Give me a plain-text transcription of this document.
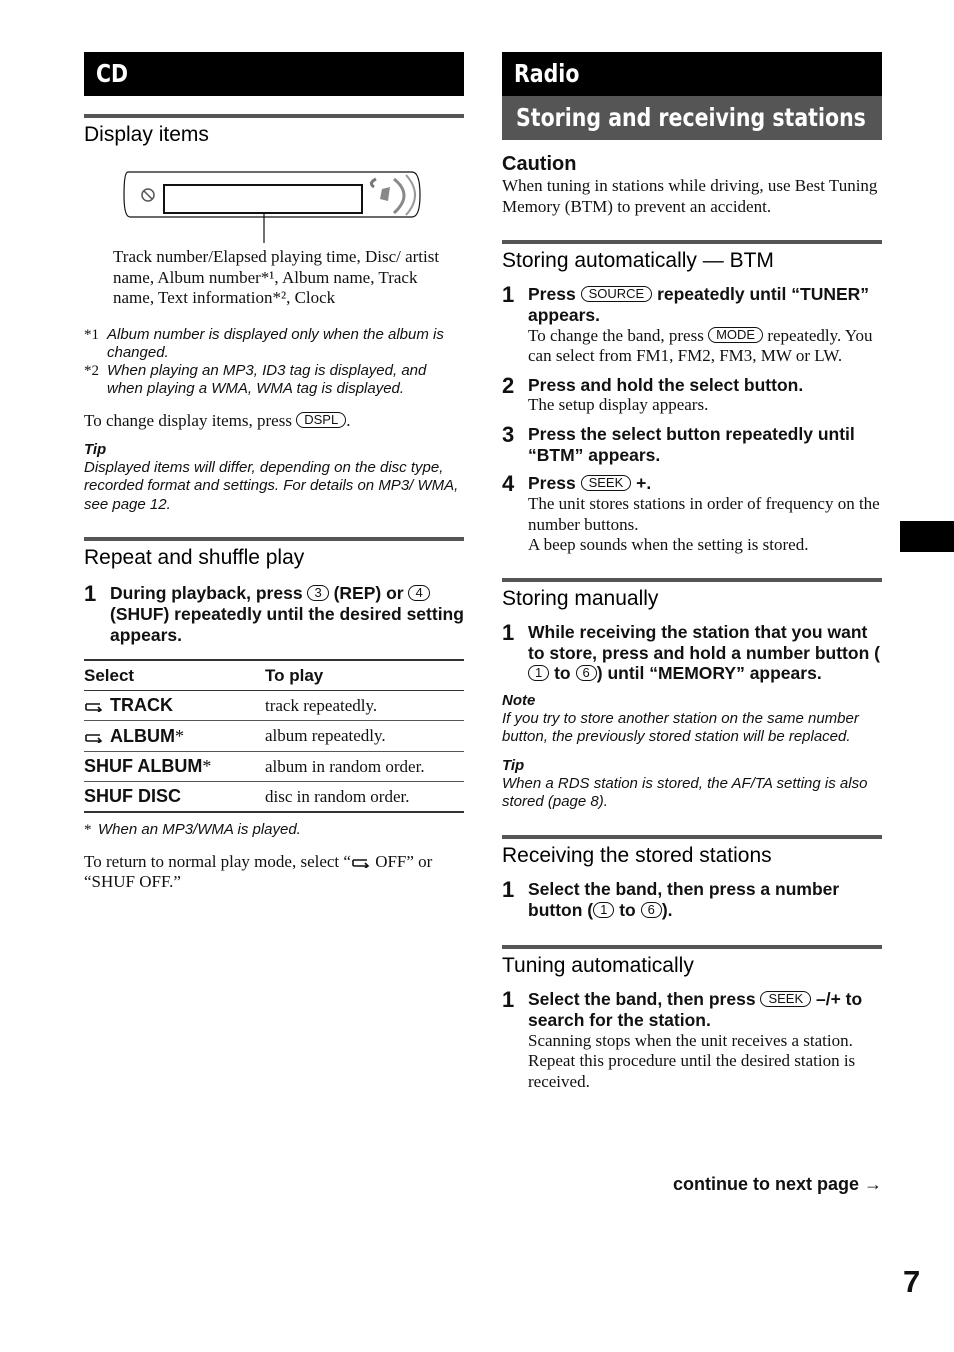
CD
Display items
Track number/Elapsed playing time, Disc/ artist name, Album number*¹, Album name, Track name, Text information*², Clock
*1 Album number is displayed only when the album is changed.
*2 When playing an MP3, ID3 tag is displayed, and when playing a WMA, WMA tag is displayed.
To change display items, press DSPL .
Tip
Displayed items will differ, depending on the disc type, recorded format and settings. For details on MP3/ WMA, see page 12.
Repeat and shuffle play
1 During playback, press 3 (REP) or 4 (SHUF) repeatedly until the desired setting appears.
Select	To play
TRACK	track repeatedly.
ALBUM*	album repeatedly.
SHUF ALBUM*	album in random order.
SHUF DISC	disc in random order.
* When an MP3/WMA is played.
To return to normal play mode, select “ OFF” or “SHUF OFF.”
Radio
Storing and receiving stations
Caution
When tuning in stations while driving, use Best Tuning Memory (BTM) to prevent an accident.
Storing automatically — BTM
1 Press SOURCE repeatedly until “TUNER” appears.
To change the band, press MODE repeatedly. You can select from FM1, FM2, FM3, MW or LW.
2 Press and hold the select button.
The setup display appears.
3 Press the select button repeatedly until “BTM” appears.
4 Press SEEK +.
The unit stores stations in order of frequency on the number buttons.
A beep sounds when the setting is stored.
Storing manually
1 While receiving the station that you want to store, press and hold a number button (1 to 6 ) until “MEMORY” appears.
Note
If you try to store another station on the same number button, the previously stored station will be replaced.
Tip
When a RDS station is stored, the AF/TA setting is also stored (page 8).
Receiving the stored stations
1 Select the band, then press a number button ( 1 to 6 ).
Tuning automatically
1 Select the band, then press SEEK –/+ to search for the station.
Scanning stops when the unit receives a station. Repeat this procedure until the desired station is received.
continue to next page →
7
